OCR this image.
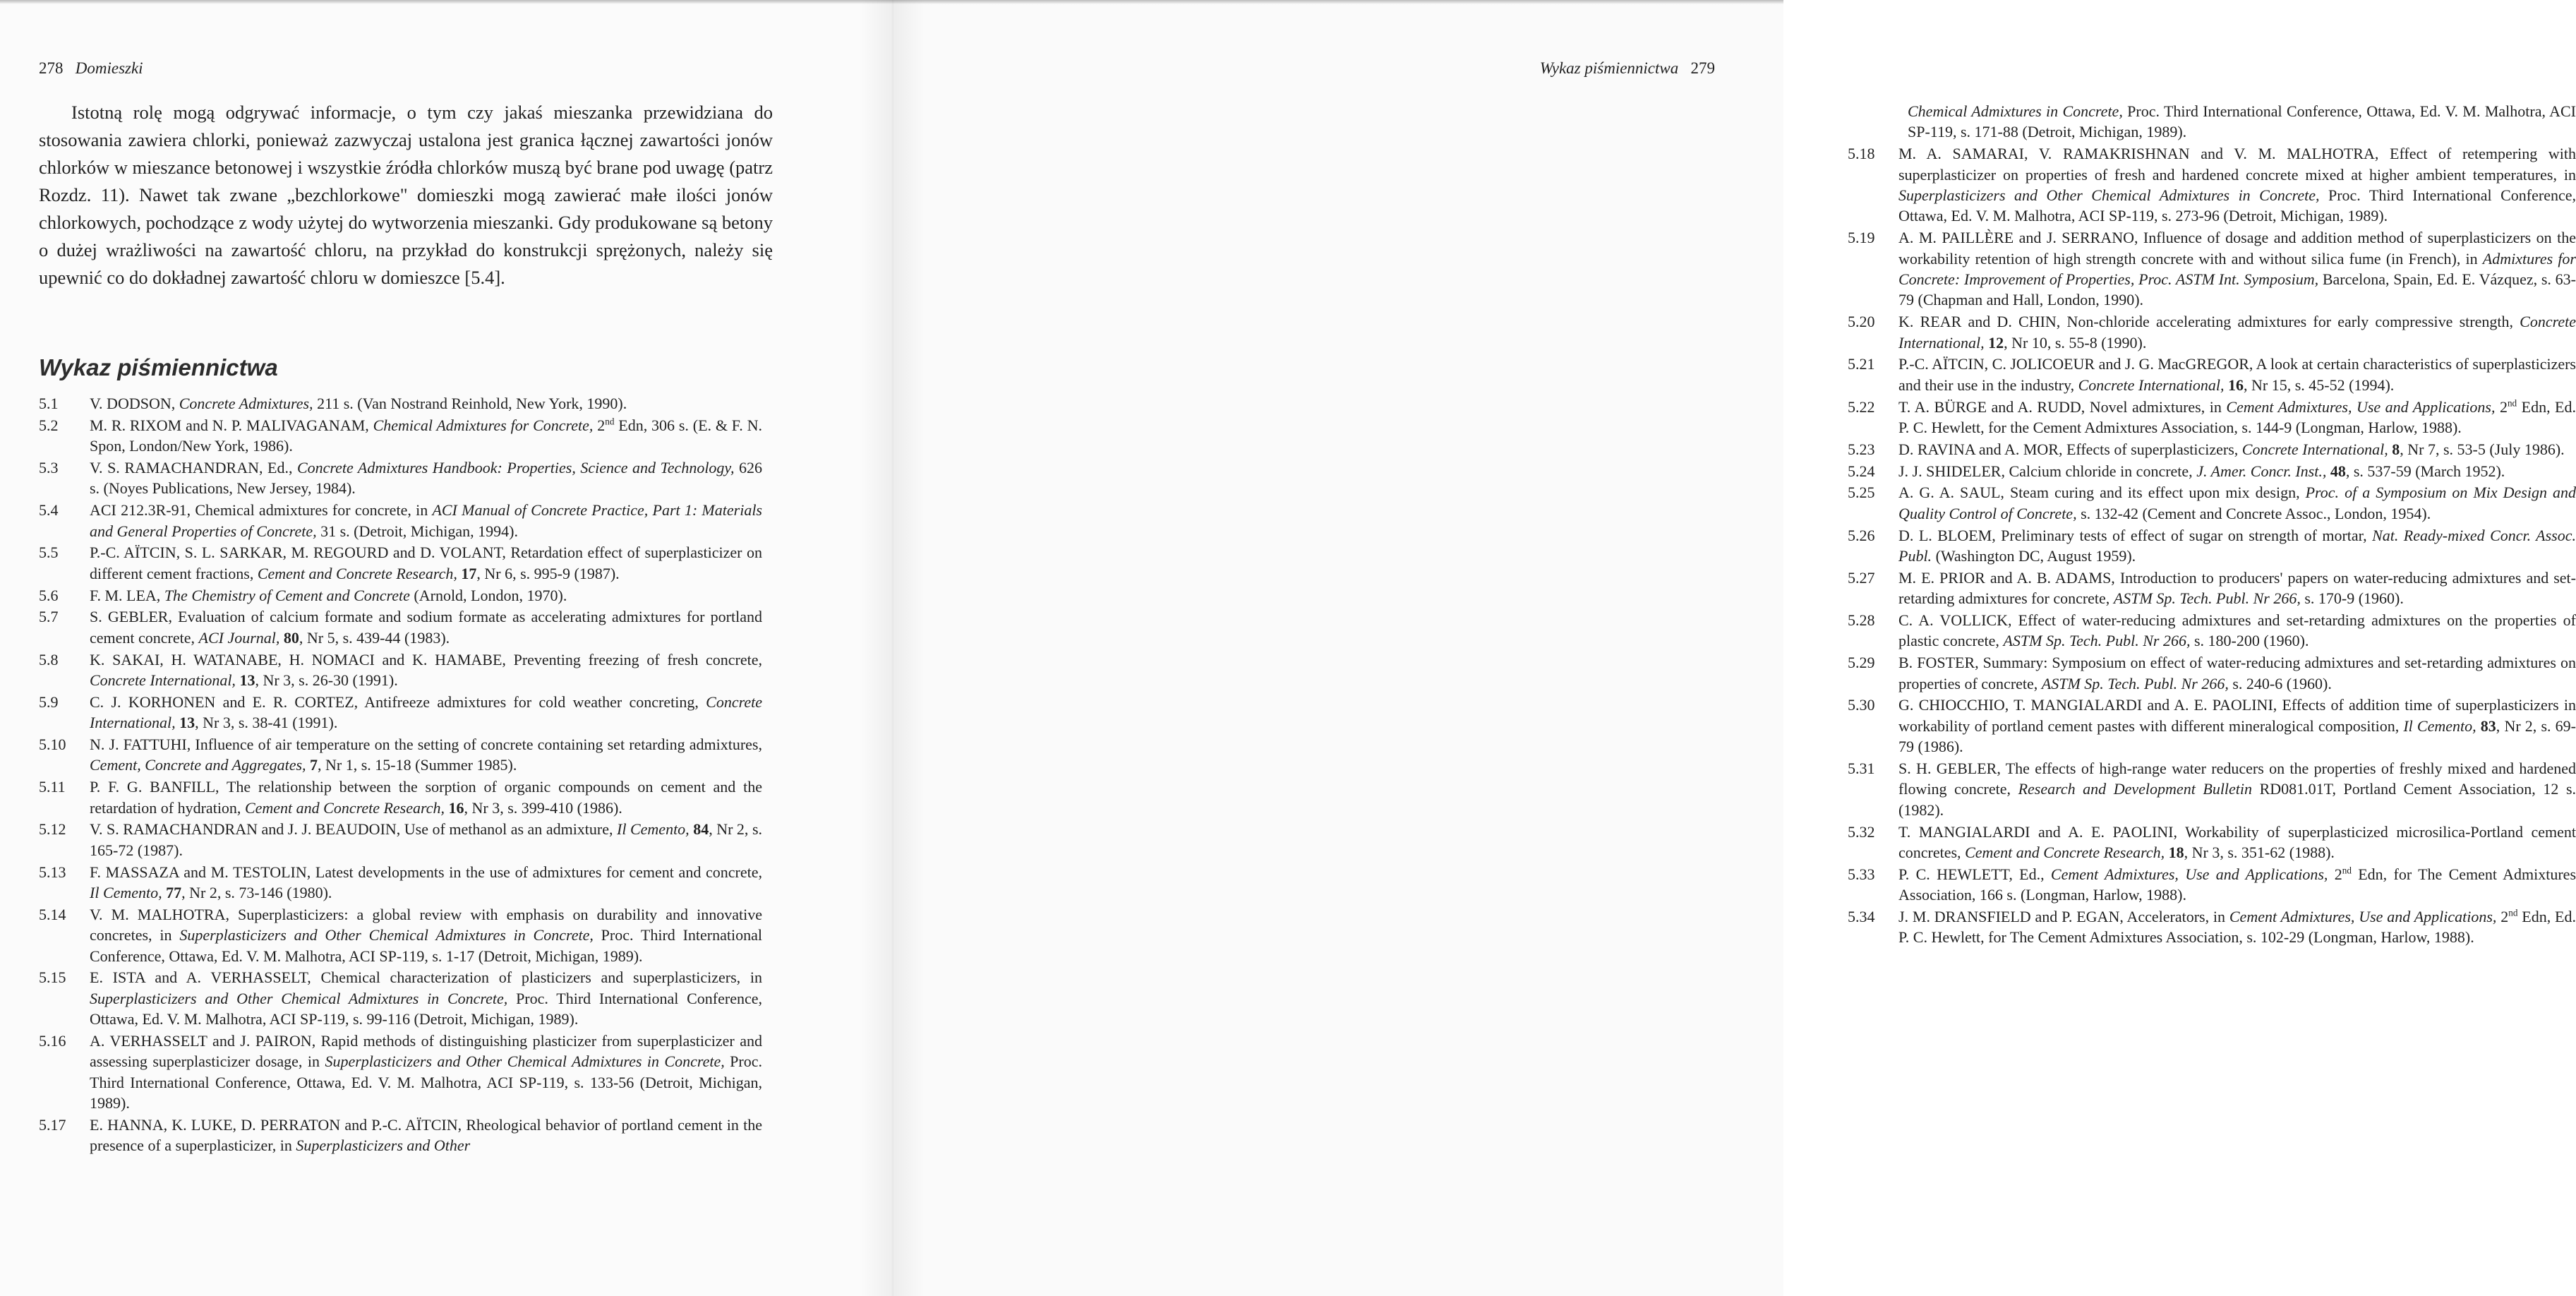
278 Domieszki

Istotną rolę mogą odgrywać informacje, o tym czy jakaś mieszanka przewidziana do stosowania zawiera chlorki, ponieważ zazwyczaj ustalona jest granica łącznej zawartości jonów chlorków w mieszance betonowej i wszystkie źródła chlorków muszą być brane pod uwagę (patrz Rozdz. 11). Nawet tak zwane „bezchlorkowe" domieszki mogą zawierać małe ilości jonów chlorkowych, pochodzące z wody użytej do wytworzenia mieszanki. Gdy produkowane są betony o dużej wrażliwości na zawartość chloru, na przykład do konstrukcji sprężonych, należy się upewnić co do dokładnej zawartość chloru w domieszce [5.4].

Wykaz piśmiennictwa
5.1	V. DODSON, Concrete Admixtures, 211 s. (Van Nostrand Reinhold, New York, 1990).
5.2	M. R. RIXOM and N. P. MALIVAGANAM, Chemical Admixtures for Concrete, 2nd Edn, 306 s. (E. & F. N. Spon, London/New York, 1986).
5.3	V. S. RAMACHANDRAN, Ed., Concrete Admixtures Handbook: Properties, Science and Technology, 626 s. (Noyes Publications, New Jersey, 1984).
5.4	ACI 212.3R-91, Chemical admixtures for concrete, in ACI Manual of Concrete Practice, Part 1: Materials and General Properties of Concrete, 31 s. (Detroit, Michigan, 1994).
5.5	P.-C. AÏTCIN, S. L. SARKAR, M. REGOURD and D. VOLANT, Retardation effect of superplasticizer on different cement fractions, Cement and Concrete Research, 17, Nr 6, s. 995-9 (1987).
5.6	F. M. LEA, The Chemistry of Cement and Concrete (Arnold, London, 1970).
5.7	S. GEBLER, Evaluation of calcium formate and sodium formate as accelerating admixtures for portland cement concrete, ACI Journal, 80, Nr 5, s. 439-44 (1983).
5.8	K. SAKAI, H. WATANABE, H. NOMACI and K. HAMABE, Preventing freezing of fresh concrete, Concrete International, 13, Nr 3, s. 26-30 (1991).
5.9	C. J. KORHONEN and E. R. CORTEZ, Antifreeze admixtures for cold weather concreting, Concrete International, 13, Nr 3, s. 38-41 (1991).
5.10	N. J. FATTUHI, Influence of air temperature on the setting of concrete containing set retarding admixtures, Cement, Concrete and Aggregates, 7, Nr 1, s. 15-18 (Summer 1985).
5.11	P. F. G. BANFILL, The relationship between the sorption of organic compounds on cement and the retardation of hydration, Cement and Concrete Research, 16, Nr 3, s. 399-410 (1986).
5.12	V. S. RAMACHANDRAN and J. J. BEAUDOIN, Use of methanol as an admixture, Il Cemento, 84, Nr 2, s. 165-72 (1987).
5.13	F. MASSAZA and M. TESTOLIN, Latest developments in the use of admixtures for cement and concrete, Il Cemento, 77, Nr 2, s. 73-146 (1980).
5.14	V. M. MALHOTRA, Superplasticizers: a global review with emphasis on durability and innovative concretes, in Superplasticizers and Other Chemical Admixtures in Concrete, Proc. Third International Conference, Ottawa, Ed. V. M. Malhotra, ACI SP-119, s. 1-17 (Detroit, Michigan, 1989).
5.15	E. ISTA and A. VERHASSELT, Chemical characterization of plasticizers and superplasticizers, in Superplasticizers and Other Chemical Admixtures in Concrete, Proc. Third International Conference, Ottawa, Ed. V. M. Malhotra, ACI SP-119, s. 99-116 (Detroit, Michigan, 1989).
5.16	A. VERHASSELT and J. PAIRON, Rapid methods of distinguishing plasticizer from superplasticizer and assessing superplasticizer dosage, in Superplasticizers and Other Chemical Admixtures in Concrete, Proc. Third International Conference, Ottawa, Ed. V. M. Malhotra, ACI SP-119, s. 133-56 (Detroit, Michigan, 1989).
5.17	E. HANNA, K. LUKE, D. PERRATON and P.-C. AÏTCIN, Rheological behavior of portland cement in the presence of a superplasticizer, in Superplasticizers and Other
Wykaz piśmiennictwa 279
Chemical Admixtures in Concrete, Proc. Third International Conference, Ottawa, Ed. V. M. Malhotra, ACI SP-119, s. 171-88 (Detroit, Michigan, 1989).
5.18	M. A. SAMARAI, V. RAMAKRISHNAN and V. M. MALHOTRA, Effect of retempering with superplasticizer on properties of fresh and hardened concrete mixed at higher ambient temperatures, in Superplasticizers and Other Chemical Admixtures in Concrete, Proc. Third International Conference, Ottawa, Ed. V. M. Malhotra, ACI SP-119, s. 273-96 (Detroit, Michigan, 1989).
5.19	A. M. PAILLÈRE and J. SERRANO, Influence of dosage and addition method of superplasticizers on the workability retention of high strength concrete with and without silica fume (in French), in Admixtures for Concrete: Improvement of Properties, Proc. ASTM Int. Symposium, Barcelona, Spain, Ed. E. Vázquez, s. 63-79 (Chapman and Hall, London, 1990).
5.20	K. REAR and D. CHIN, Non-chloride accelerating admixtures for early compressive strength, Concrete International, 12, Nr 10, s. 55-8 (1990).
5.21	P.-C. AÏTCIN, C. JOLICOEUR and J. G. MacGREGOR, A look at certain characteristics of superplasticizers and their use in the industry, Concrete International, 16, Nr 15, s. 45-52 (1994).
5.22	T. A. BÜRGE and A. RUDD, Novel admixtures, in Cement Admixtures, Use and Applications, 2nd Edn, Ed. P. C. Hewlett, for the Cement Admixtures Association, s. 144-9 (Longman, Harlow, 1988).
5.23	D. RAVINA and A. MOR, Effects of superplasticizers, Concrete International, 8, Nr 7, s. 53-5 (July 1986).
5.24	J. J. SHIDELER, Calcium chloride in concrete, J. Amer. Concr. Inst., 48, s. 537-59 (March 1952).
5.25	A. G. A. SAUL, Steam curing and its effect upon mix design, Proc. of a Symposium on Mix Design and Quality Control of Concrete, s. 132-42 (Cement and Concrete Assoc., London, 1954).
5.26	D. L. BLOEM, Preliminary tests of effect of sugar on strength of mortar, Nat. Ready-mixed Concr. Assoc. Publ. (Washington DC, August 1959).
5.27	M. E. PRIOR and A. B. ADAMS, Introduction to producers' papers on water-reducing admixtures and set-retarding admixtures for concrete, ASTM Sp. Tech. Publ. Nr 266, s. 170-9 (1960).
5.28	C. A. VOLLICK, Effect of water-reducing admixtures and set-retarding admixtures on the properties of plastic concrete, ASTM Sp. Tech. Publ. Nr 266, s. 180-200 (1960).
5.29	B. FOSTER, Summary: Symposium on effect of water-reducing admixtures and set-retarding admixtures on properties of concrete, ASTM Sp. Tech. Publ. Nr 266, s. 240-6 (1960).
5.30	G. CHIOCCHIO, T. MANGIALARDI and A. E. PAOLINI, Effects of addition time of superplasticizers in workability of portland cement pastes with different mineralogical composition, Il Cemento, 83, Nr 2, s. 69-79 (1986).
5.31	S. H. GEBLER, The effects of high-range water reducers on the properties of freshly mixed and hardened flowing concrete, Research and Development Bulletin RD081.01T, Portland Cement Association, 12 s. (1982).
5.32	T. MANGIALARDI and A. E. PAOLINI, Workability of superplasticized microsilica-Portland cement concretes, Cement and Concrete Research, 18, Nr 3, s. 351-62 (1988).
5.33	P. C. HEWLETT, Ed., Cement Admixtures, Use and Applications, 2nd Edn, for The Cement Admixtures Association, 166 s. (Longman, Harlow, 1988).
5.34	J. M. DRANSFIELD and P. EGAN, Accelerators, in Cement Admixtures, Use and Applications, 2nd Edn, Ed. P. C. Hewlett, for The Cement Admixtures Association, s. 102-29 (Longman, Harlow, 1988).
